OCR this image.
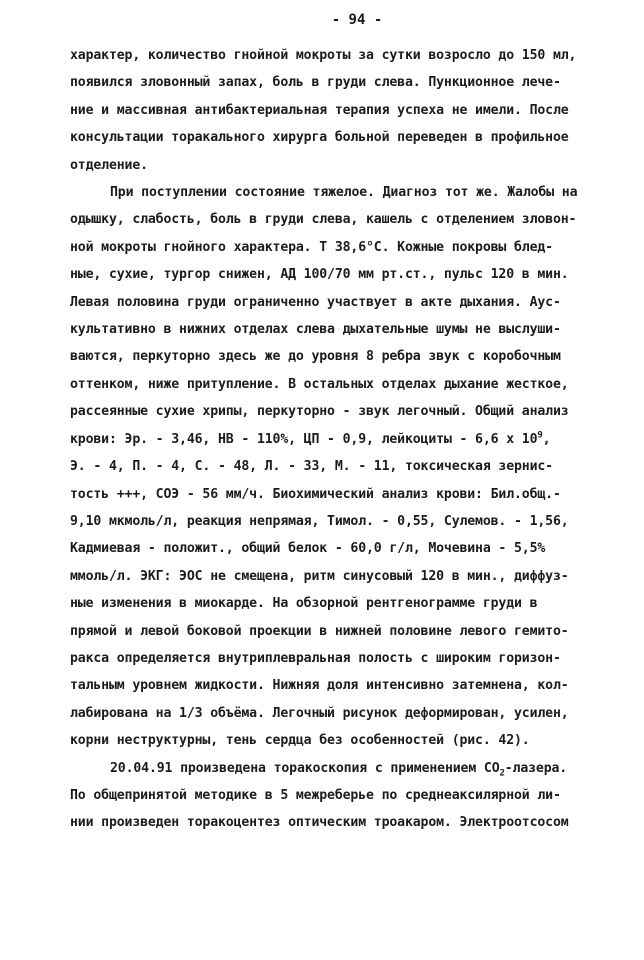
- 94 -

характер, количество гнойной мокроты за сутки возросло до 150 мл,
появился зловонный запах, боль в груди слева. Пункционное лече-
ние и массивная антибактериальная терапия успеха не имели. После
консультации торакального хирурга больной переведен в профильное
отделение.

При поступлении состояние тяжелое. Диагноз тот же. Жалобы на
одышку, слабость, боль в груди слева, кашель с отделением зловон-
ной мокроты гнойного характера. Т 38,6°С. Кожные покровы блед-
ные, сухие, тургор снижен, АД 100/70 мм рт.ст., пульс 120 в мин.
Левая половина груди ограниченно участвует в акте дыхания. Аус-
культативно в нижних отделах слева дыхательные шумы не выслуши-
ваются, перкуторно здесь же до уровня 8 ребра звук с коробочным
оттенком, ниже притупление. В остальных отделах дыхание жесткое,
рассеянные сухие хрипы, перкуторно - звук легочный. Общий анализ
крови: Эр. - 3,46, НВ - 110%, ЦП - 0,9, лейкоциты - 6,6 х $10^9$,
Э. - 4, П. - 4, С. - 48, Л. - 33, М. - 11, токсическая зернис-
тость +++, СОЭ - 56 мм/ч. Биохимический анализ крови: Бил.общ.-
9,10 мкмоль/л, реакция непрямая, Тимол. - 0,55, Сулемов. - 1,56,
Кадмиевая - положит., общий белок - 60,0 г/л, Мочевина - 5,5%
ммоль/л. ЭКГ: ЭОС не смещена, ритм синусовый 120 в мин., диффуз-
ные изменения в миокарде. На обзорной рентгенограмме груди в
прямой и левой боковой проекции в нижней половине левого гемито-
ракса определяется внутриплевральная полость с широким горизон-
тальным уровнем жидкости. Нижняя доля интенсивно затемнена, кол-
лабирована на 1/3 объёма. Легочный рисунок деформирован, усилен,
корни неструктурны, тень сердца без особенностей (рис. 42).

20.04.91 произведена торакоскопия с применением $СО_2$-лазера.
По общепринятой методике в 5 межреберье по среднеаксилярной ли-
нии произведен торакоцентез оптическим троакаром. Электроотсосом
